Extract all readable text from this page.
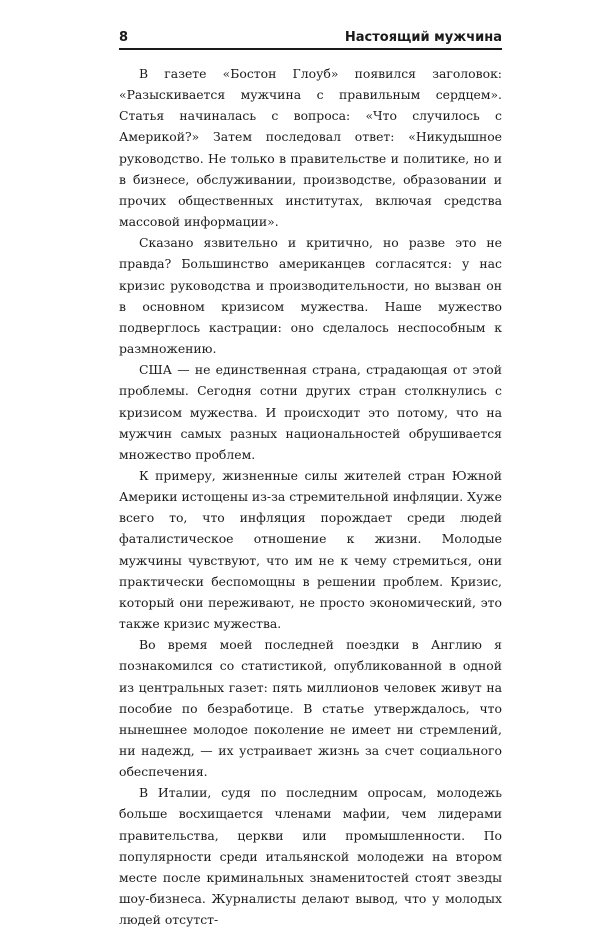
8	Настоящий мужчина

В газете «Бостон Глоуб» появился заголовок: «Разыскивается мужчина с правильным сердцем». Статья начиналась с вопроса: «Что случилось с Америкой?» Затем последовал ответ: «Никудышное руководство. Не только в правительстве и политике, но и в бизнесе, обслуживании, производстве, образовании и прочих общественных институтах, включая средства массовой информации».

Сказано язвительно и критично, но разве это не правда? Большинство американцев согласятся: у нас кризис руководства и производительности, но вызван он в основном кризисом мужества. Наше мужество подверглось кастрации: оно сделалось неспособным к размножению.

США — не единственная страна, страдающая от этой проблемы. Сегодня сотни других стран столкнулись с кризисом мужества. И происходит это потому, что на мужчин самых разных национальностей обрушивается множество проблем.

К примеру, жизненные силы жителей стран Южной Америки истощены из-за стремительной инфляции. Хуже всего то, что инфляция порождает среди людей фаталистическое отношение к жизни. Молодые мужчины чувствуют, что им не к чему стремиться, они практически беспомощны в решении проблем. Кризис, который они переживают, не просто экономический, это также кризис мужества.

Во время моей последней поездки в Англию я познакомился со статистикой, опубликованной в одной из центральных газет: пять миллионов человек живут на пособие по безработице. В статье утверждалось, что нынешнее молодое поколение не имеет ни стремлений, ни надежд, — их устраивает жизнь за счет социального обеспечения.

В Италии, судя по последним опросам, молодежь больше восхищается членами мафии, чем лидерами правительства, церкви или промышленности. По популярности среди итальянской молодежи на втором месте после криминальных знаменитостей стоят звезды шоу-бизнеса. Журналисты делают вывод, что у молодых людей отсутст-
